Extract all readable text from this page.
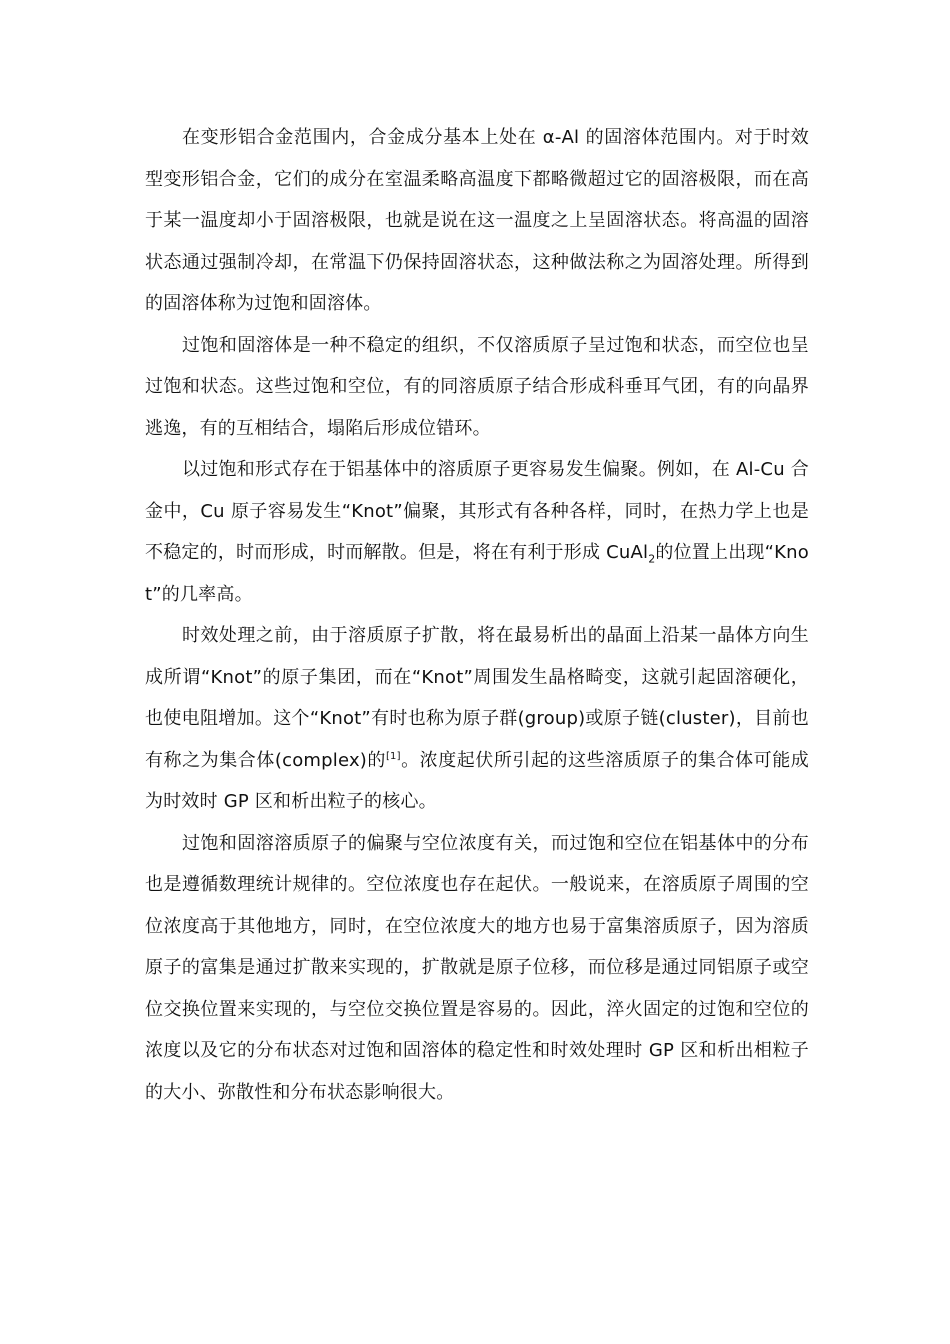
在变形铝合金范围内，合金成分基本上处在 α-Al 的固溶体范围内。对于时效型变形铝合金，它们的成分在室温柔略高温度下都略微超过它的固溶极限，而在高于某一温度却小于固溶极限，也就是说在这一温度之上呈固溶状态。将高温的固溶状态通过强制冷却，在常温下仍保持固溶状态，这种做法称之为固溶处理。所得到的固溶体称为过饱和固溶体。

过饱和固溶体是一种不稳定的组织，不仅溶质原子呈过饱和状态，而空位也呈过饱和状态。这些过饱和空位，有的同溶质原子结合形成科垂耳气团，有的向晶界逃逸，有的互相结合，塌陷后形成位错环。

以过饱和形式存在于铝基体中的溶质原子更容易发生偏聚。例如，在 Al-Cu 合金中，Cu 原子容易发生“Knot”偏聚，其形式有各种各样，同时，在热力学上也是不稳定的，时而形成，时而解散。但是，将在有利于形成 CuAl$_2$的位置上出现“Knot”的几率高。

时效处理之前，由于溶质原子扩散，将在最易析出的晶面上沿某一晶体方向生成所谓“Knot”的原子集团，而在“Knot”周围发生晶格畸变，这就引起固溶硬化，也使电阻增加。这个“Knot”有时也称为原子群(group)或原子链(cluster)，目前也有称之为集合体(complex)的[1]。浓度起伏所引起的这些溶质原子的集合体可能成为时效时 GP 区和析出粒子的核心。

过饱和固溶溶质原子的偏聚与空位浓度有关，而过饱和空位在铝基体中的分布也是遵循数理统计规律的。空位浓度也存在起伏。一般说来，在溶质原子周围的空位浓度高于其他地方，同时，在空位浓度大的地方也易于富集溶质原子，因为溶质原子的富集是通过扩散来实现的，扩散就是原子位移，而位移是通过同铝原子或空位交换位置来实现的，与空位交换位置是容易的。因此，淬火固定的过饱和空位的浓度以及它的分布状态对过饱和固溶体的稳定性和时效处理时 GP 区和析出相粒子的大小、弥散性和分布状态影响很大。
